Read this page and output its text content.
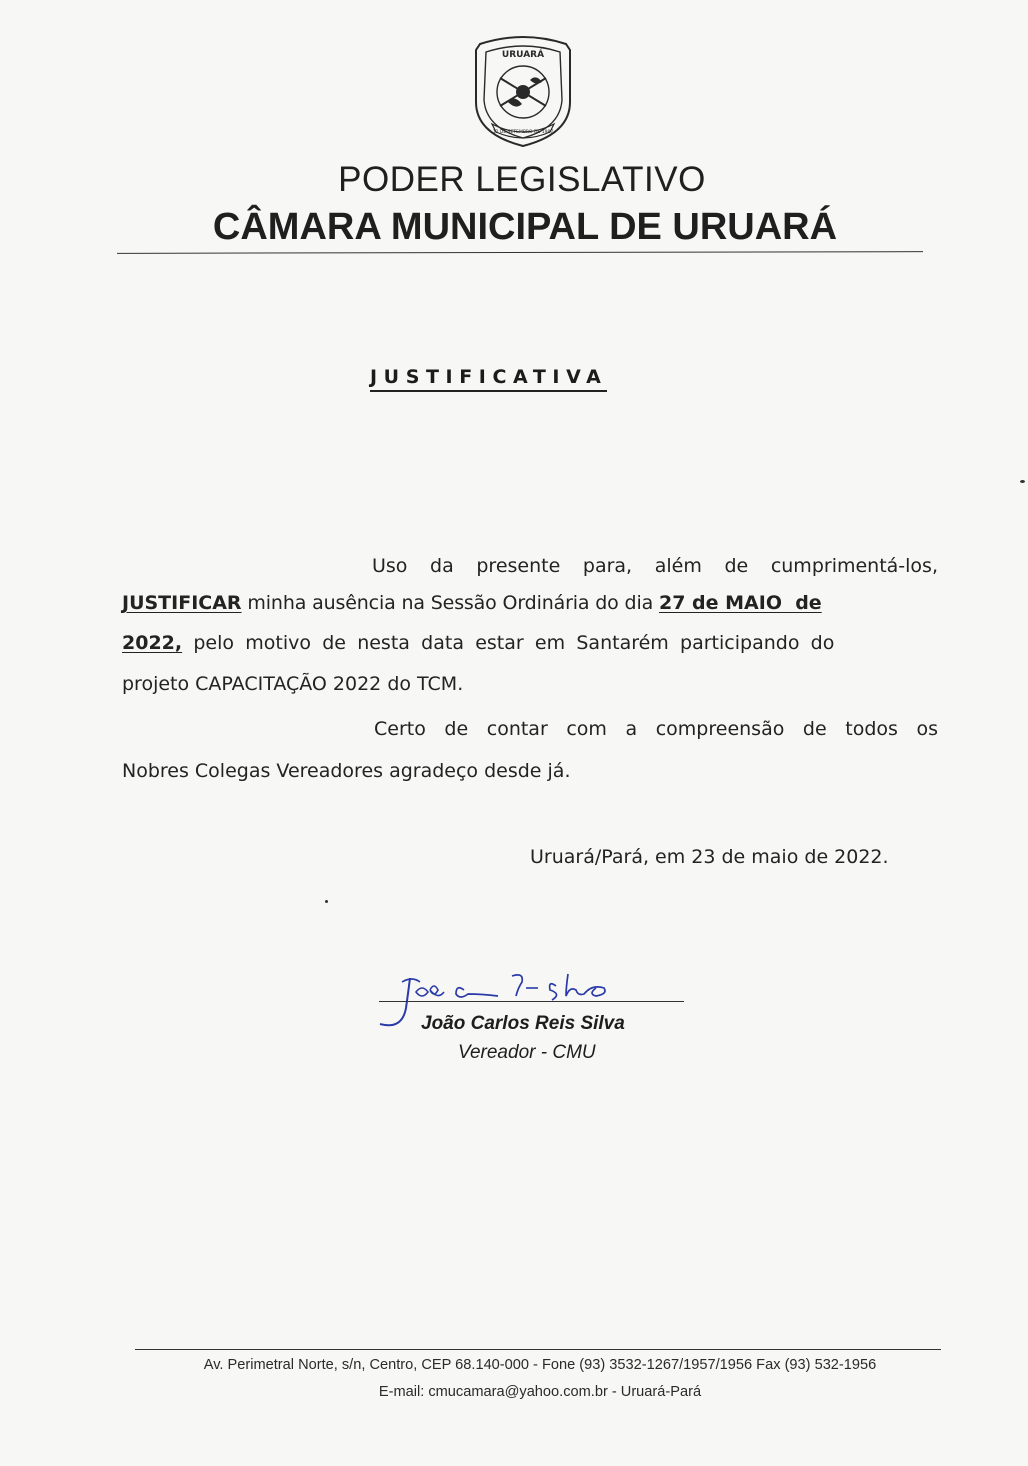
URUARÁ
12 DE SETEMBRO DE 1987
PODER LEGISLATIVO
CÂMARA MUNICIPAL DE URUARÁ
JUSTIFICATIVA
Uso da presente para, além de cumprimentá-los,
JUSTIFICAR minha ausência na Sessão Ordinária do dia 27 de MAIO  de
2022, pelo motivo de nesta data estar em Santarém participando do
projeto CAPACITAÇÃO 2022 do TCM.
Certo de contar com a compreensão de todos os
Nobres Colegas Vereadores agradeço desde já.
Uruará/Pará, em 23 de maio de 2022.
João Carlos Reis Silva
Vereador - CMU
Av. Perimetral Norte, s/n, Centro, CEP 68.140-000 - Fone (93) 3532-1267/1957/1956 Fax (93) 532-1956
E-mail: cmucamara@yahoo.com.br - Uruará-Pará
